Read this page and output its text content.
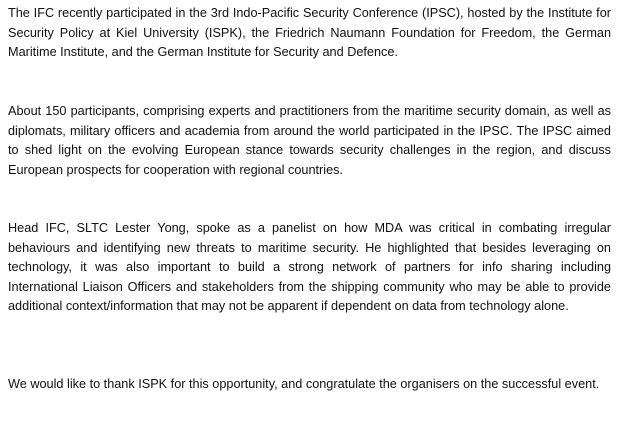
The IFC recently participated in the 3rd Indo-Pacific Security Conference (IPSC), hosted by the Institute for Security Policy at Kiel University (ISPK), the Friedrich Naumann Foundation for Freedom, the German Maritime Institute, and the German Institute for Security and Defence.

About 150 participants, comprising experts and practitioners from the maritime security domain, as well as diplomats, military officers and academia from around the world participated in the IPSC. The IPSC aimed to shed light on the evolving European stance towards security challenges in the region, and discuss European prospects for cooperation with regional countries.

Head IFC, SLTC Lester Yong, spoke as a panelist on how MDA was critical in combating irregular behaviours and identifying new threats to maritime security. He highlighted that besides leveraging on technology, it was also important to build a strong network of partners for info sharing including International Liaison Officers and stakeholders from the shipping community who may be able to provide additional context/information that may not be apparent if dependent on data from technology alone.

We would like to thank ISPK for this opportunity, and congratulate the organisers on the successful event.
